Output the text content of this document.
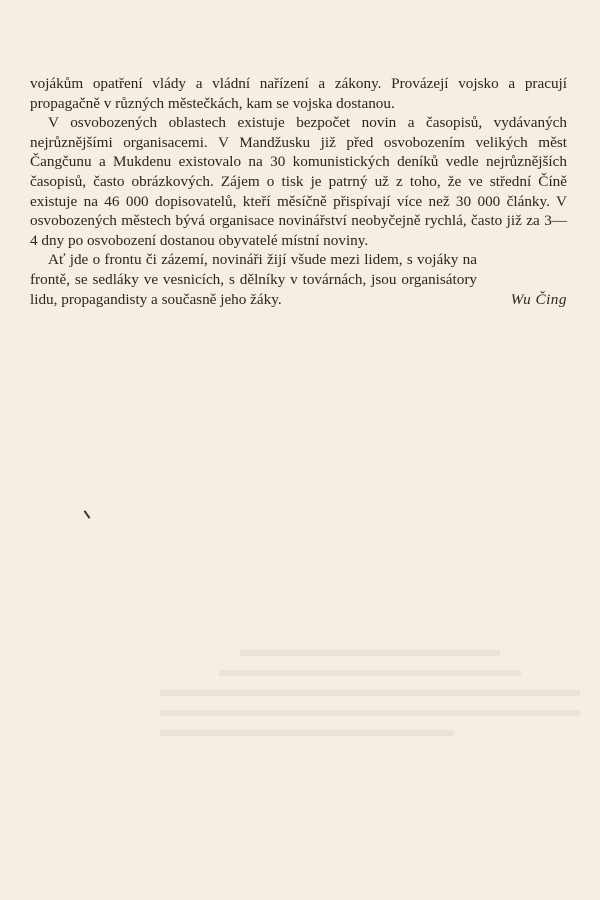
vojákům opatření vlády a vládní nařízení a zákony. Provázejí vojsko a pracují propagačně v různých městečkách, kam se vojska dostanou.

V osvobozených oblastech existuje bezpočet novin a časopisů, vydávaných nejrůznějšími organisacemi. V Mandžusku již před osvobozením velikých měst Čangčunu a Mukdenu existovalo na 30 komunistických deníků vedle nejrůznějších časopisů, často obrázkových. Zájem o tisk je patrný už z toho, že ve střední Číně existuje na 46 000 dopisovatelů, kteří měsíčně přispívají více než 30 000 články. V osvobozených městech bývá organisace novinářství neobyčejně rychlá, často již za 3—4 dny po osvobození dostanou obyvatelé místní noviny.

Ať jde o frontu či zázemí, novináři žijí všude mezi lidem, s vojáky na frontě, se sedláky ve vesnicích, s dělníky v továrnách, jsou organisátory lidu, propagandisty a současně jeho žáky.	Wu Čing
